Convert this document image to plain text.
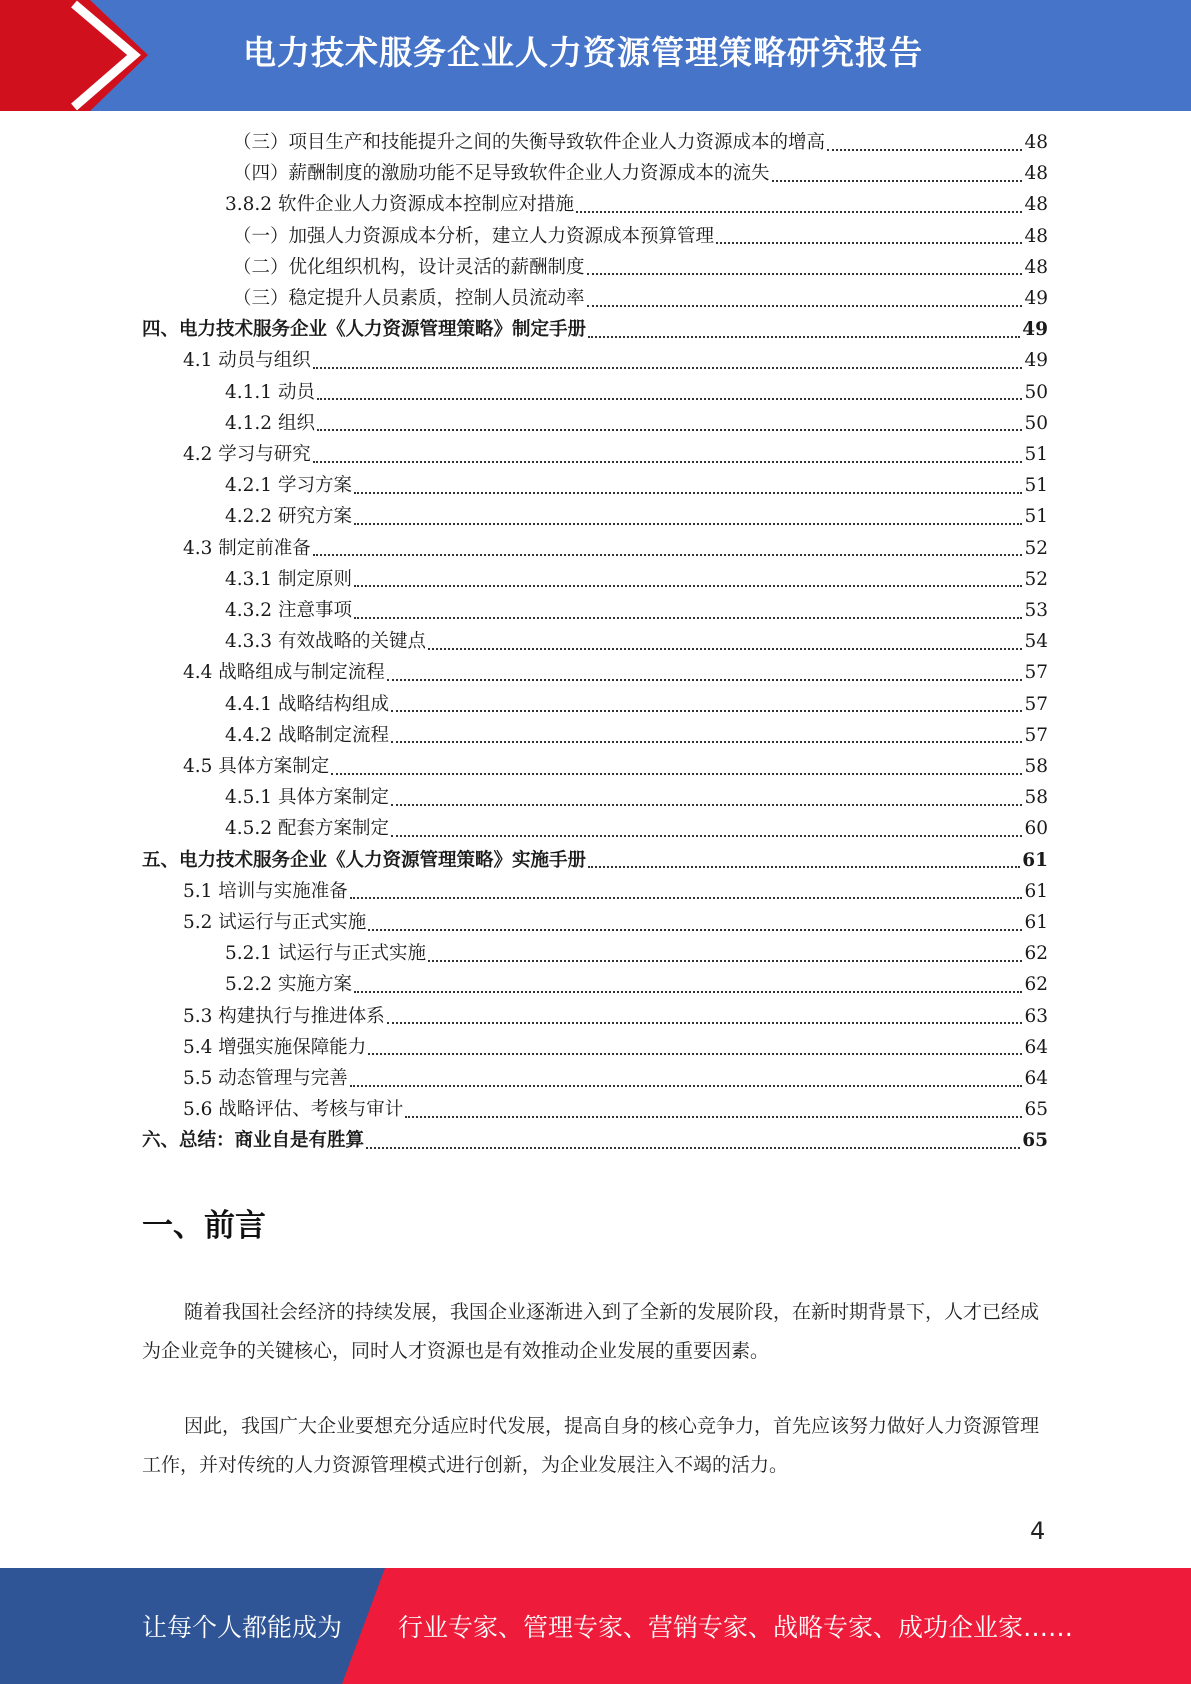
电力技术服务企业人力资源管理策略研究报告
（三）项目生产和技能提升之间的失衡导致软件企业人力资源成本的增高	48
（四）薪酬制度的激励功能不足导致软件企业人力资源成本的流失	48
3.8.2 软件企业人力资源成本控制应对措施	48
（一）加强人力资源成本分析，建立人力资源成本预算管理	48
（二）优化组织机构，设计灵活的薪酬制度	48
（三）稳定提升人员素质，控制人员流动率	49
四、电力技术服务企业《人力资源管理策略》制定手册	49
4.1 动员与组织	49
4.1.1 动员	50
4.1.2 组织	50
4.2 学习与研究	51
4.2.1 学习方案	51
4.2.2 研究方案	51
4.3 制定前准备	52
4.3.1 制定原则	52
4.3.2 注意事项	53
4.3.3 有效战略的关键点	54
4.4 战略组成与制定流程	57
4.4.1 战略结构组成	57
4.4.2 战略制定流程	57
4.5 具体方案制定	58
4.5.1 具体方案制定	58
4.5.2 配套方案制定	60
五、电力技术服务企业《人力资源管理策略》实施手册	61
5.1 培训与实施准备	61
5.2 试运行与正式实施	61
5.2.1 试运行与正式实施	62
5.2.2 实施方案	62
5.3 构建执行与推进体系	63
5.4 增强实施保障能力	64
5.5 动态管理与完善	64
5.6 战略评估、考核与审计	65
六、总结：商业自是有胜算	65
一、前言
随着我国社会经济的持续发展，我国企业逐渐进入到了全新的发展阶段，在新时期背景下，人才已经成为企业竞争的关键核心，同时人才资源也是有效推动企业发展的重要因素。
因此，我国广大企业要想充分适应时代发展，提高自身的核心竞争力，首先应该努力做好人力资源管理工作，并对传统的人力资源管理模式进行创新，为企业发展注入不竭的活力。
4
让每个人都能成为 行业专家、管理专家、营销专家、战略专家、成功企业家……
